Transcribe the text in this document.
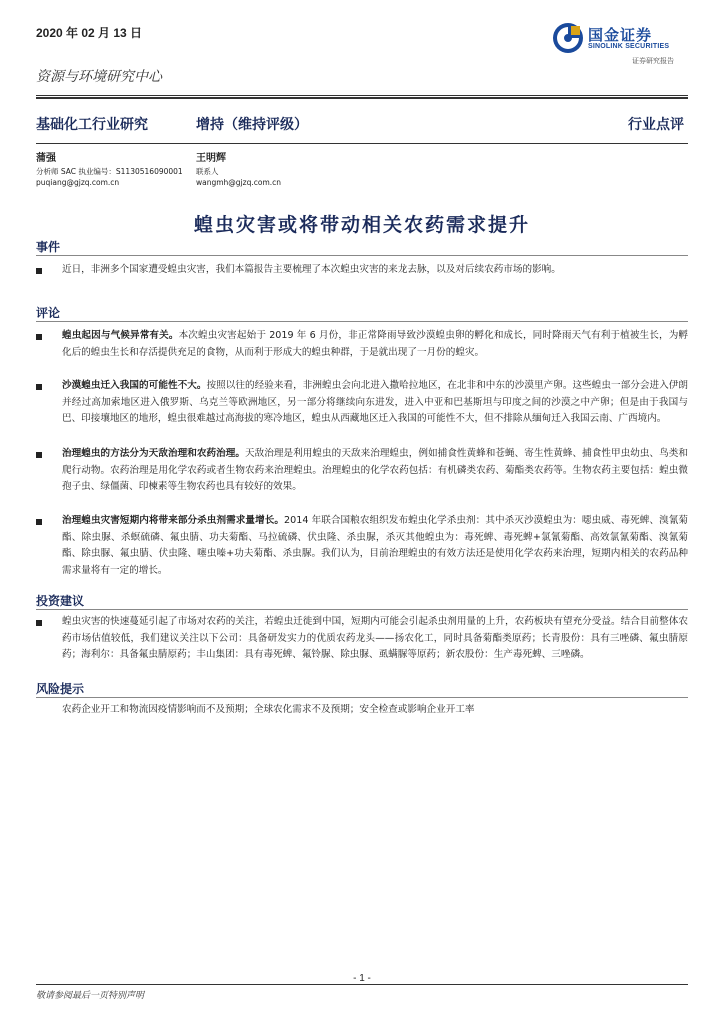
2020 年 02 月 13 日	国金证券
SINOLINK SECURITIES
证券研究报告
资源与环境研究中心
基础化工行业研究	增持（维持评级）	行业点评
蒲强
分析师 SAC 执业编号：S1130516090001
puqiang@gjzq.com.cn
王明辉
联系人
wangmh@gjzq.com.cn
蝗虫灾害或将带动相关农药需求提升
事件
近日，非洲多个国家遭受蝗虫灾害，我们本篇报告主要梳理了本次蝗虫灾害的来龙去脉，以及对后续农药市场的影响。
评论
蝗虫起因与气候异常有关。本次蝗虫灾害起始于 2019 年 6 月份，非正常降雨导致沙漠蝗虫卵的孵化和成长，同时降雨天气有利于植被生长，为孵化后的蝗虫生长和存活提供充足的食物，从而利于形成大的蝗虫种群，于是就出现了一月份的蝗灾。
沙漠蝗虫迁入我国的可能性不大。按照以往的经验来看，非洲蝗虫会向北进入撒哈拉地区，在北非和中东的沙漠里产卵。这些蝗虫一部分会进入伊朗并经过高加索地区进入俄罗斯、乌克兰等欧洲地区，另一部分将继续向东进发，进入中亚和巴基斯坦与印度之间的沙漠之中产卵；但是由于我国与巴、印接壤地区的地形，蝗虫很难越过高海拔的寒冷地区，蝗虫从西藏地区迁入我国的可能性不大，但不排除从缅甸迁入我国云南、广西境内。
治理蝗虫的方法分为天敌治理和农药治理。天敌治理是利用蝗虫的天敌来治理蝗虫，例如捕食性黄蜂和苍蝇、寄生性黄蜂、捕食性甲虫幼虫、鸟类和爬行动物。农药治理是用化学农药或者生物农药来治理蝗虫。治理蝗虫的化学农药包括：有机磷类农药、菊酯类农药等。生物农药主要包括：蝗虫微孢子虫、绿僵菌、印楝素等生物农药也具有较好的效果。
治理蝗虫灾害短期内将带来部分杀虫剂需求量增长。2014 年联合国粮农组织发布蝗虫化学杀虫剂：其中杀灭沙漠蝗虫为：噁虫威、毒死蜱、溴氰菊酯、除虫脲、杀螟硫磷、氟虫腈、功夫菊酯、马拉硫磷、伏虫隆、杀虫脲，杀灭其他蝗虫为：毒死蜱、毒死蜱+氯氰菊酯、高效氯氰菊酯、溴氰菊酯、除虫脲、氟虫腈、伏虫隆、噻虫嗪+功夫菊酯、杀虫脲。我们认为，目前治理蝗虫的有效方法还是使用化学农药来治理，短期内相关的农药品种需求量将有一定的增长。
投资建议
蝗虫灾害的快速蔓延引起了市场对农药的关注，若蝗虫迁徙到中国，短期内可能会引起杀虫剂用量的上升，农药板块有望充分受益。结合目前整体农药市场估值较低，我们建议关注以下公司：具备研发实力的优质农药龙头——扬农化工，同时具备菊酯类原药；长青股份：具有三唑磷、氟虫腈原药；海利尔：具备氟虫腈原药；丰山集团：具有毒死蜱、氟铃脲、除虫脲、虱螨脲等原药；新农股份：生产毒死蜱、三唑磷。
风险提示
农药企业开工和物流因疫情影响而不及预期；全球农化需求不及预期；安全检查或影响企业开工率
- 1 -
敬请参阅最后一页特别声明
